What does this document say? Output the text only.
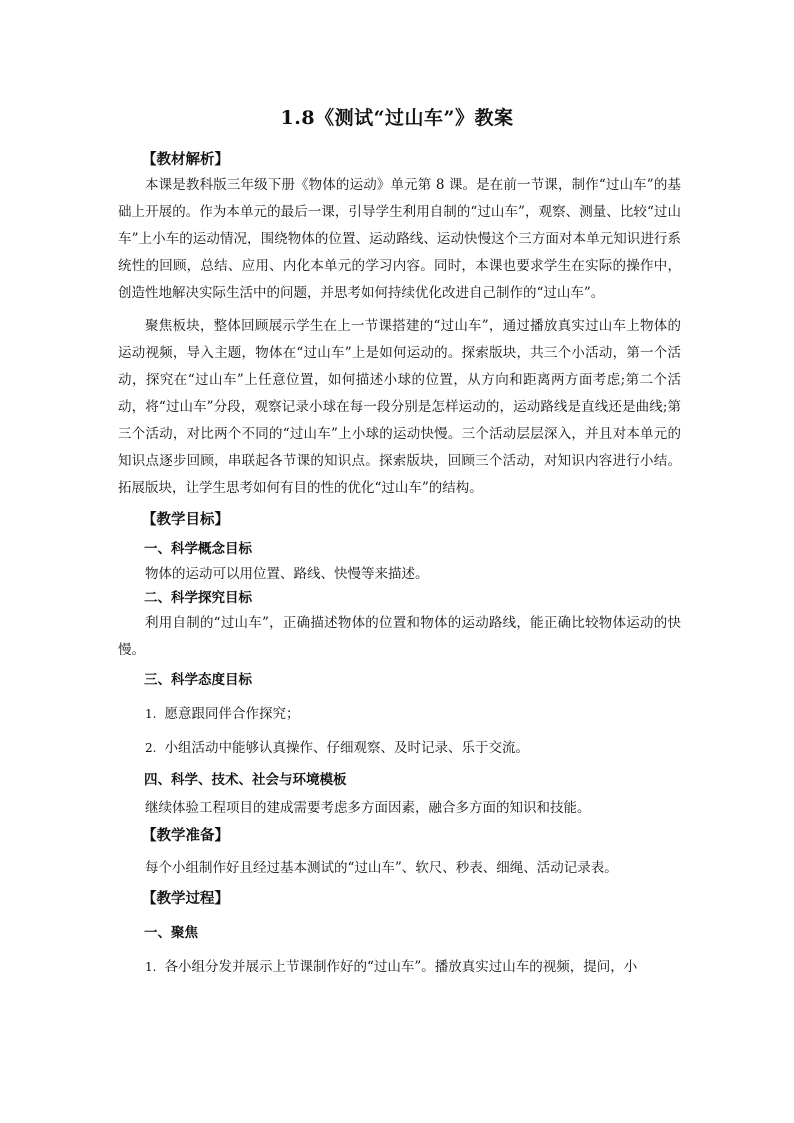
1.8《测试“过山车”》教案
【教材解析】

本课是教科版三年级下册《物体的运动》单元第 8 课。是在前一节课，制作“过山车”的基础上开展的。作为本单元的最后一课，引导学生利用自制的“过山车”，观察、测量、比较“过山车”上小车的运动情况，围绕物体的位置、运动路线、运动快慢这个三方面对本单元知识进行系统性的回顾，总结、应用、内化本单元的学习内容。同时，本课也要求学生在实际的操作中，创造性地解决实际生活中的问题，并思考如何持续优化改进自己制作的“过山车”。

聚焦板块，整体回顾展示学生在上一节课搭建的“过山车”，通过播放真实过山车上物体的运动视频，导入主题，物体在“过山车”上是如何运动的。探索版块，共三个小活动，第一个活动，探究在“过山车”上任意位置，如何描述小球的位置，从方向和距离两方面考虑;第二个活动，将“过山车”分段，观察记录小球在每一段分别是怎样运动的，运动路线是直线还是曲线;第三个活动，对比两个不同的“过山车”上小球的运动快慢。三个活动层层深入，并且对本单元的知识点逐步回顾，串联起各节课的知识点。探索版块，回顾三个活动，对知识内容进行小结。拓展版块，让学生思考如何有目的性的优化“过山车”的结构。

【教学目标】
一、科学概念目标

物体的运动可以用位置、路线、快慢等来描述。

二、科学探究目标

利用自制的“过山车”，正确描述物体的位置和物体的运动路线，能正确比较物体运动的快慢。

三、科学态度目标
1. 愿意跟同伴合作探究；
2. 小组活动中能够认真操作、仔细观察、及时记录、乐于交流。
四、科学、技术、社会与环境模板

继续体验工程项目的建成需要考虑多方面因素，融合多方面的知识和技能。

【教学准备】

每个小组制作好且经过基本测试的“过山车”、软尺、秒表、细绳、活动记录表。

【教学过程】
一、聚焦
1. 各小组分发并展示上节课制作好的“过山车”。播放真实过山车的视频，提问，小
